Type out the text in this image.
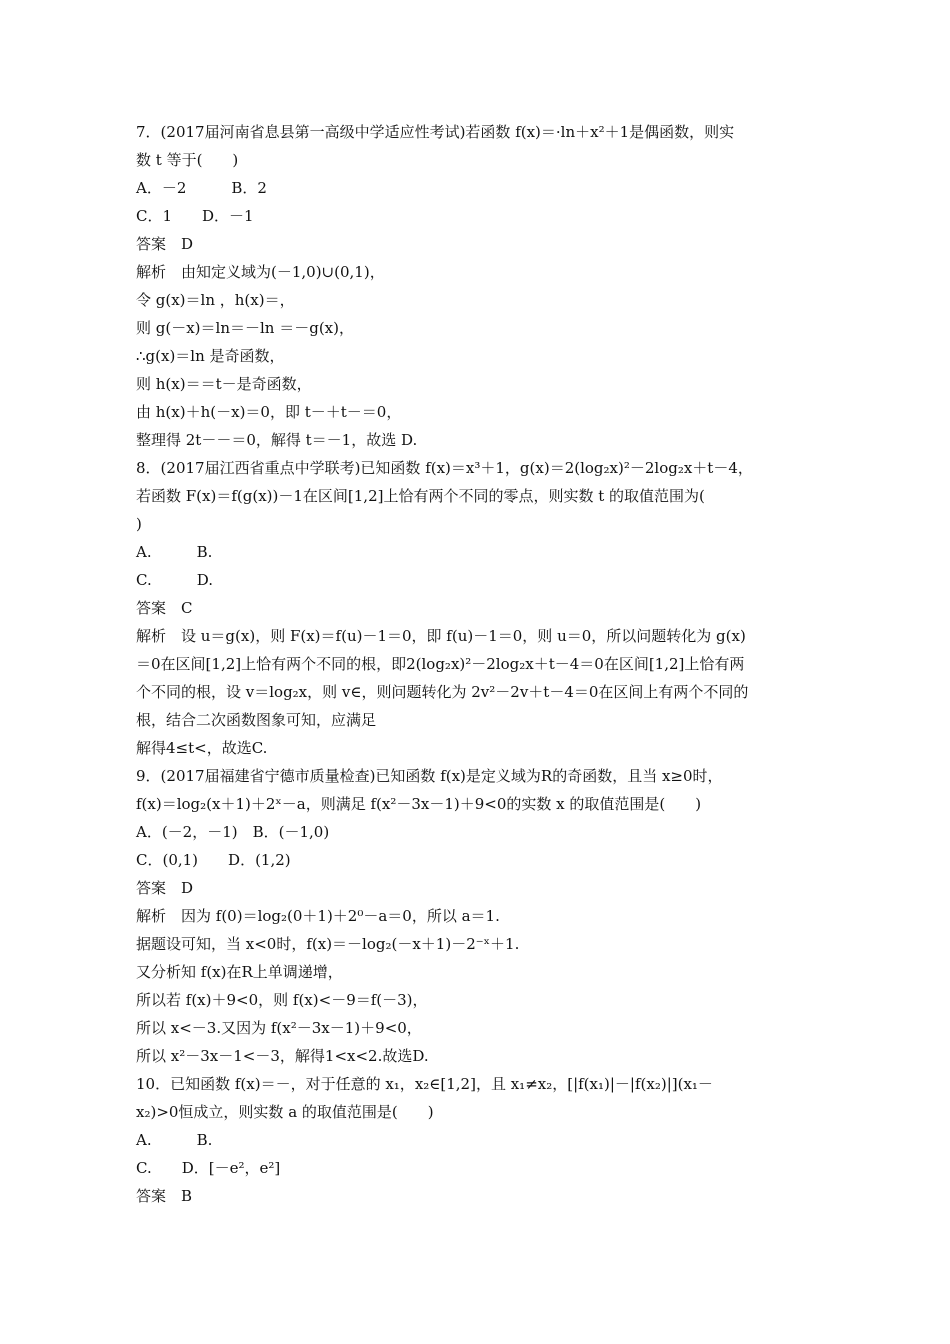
7．(2017届河南省息县第一高级中学适应性考试)若函数 f(x)＝·ln＋x²＋1是偶函数，则实
数 t 等于(　　)
A．－2　　　B．2
C．1　　D．－1
答案　D
解析　由知定义域为(－1,0)∪(0,1)，
令 g(x)＝ln ，h(x)＝，
则 g(－x)＝ln＝－ln ＝－g(x)，
∴g(x)＝ln 是奇函数，
则 h(x)＝＝t－是奇函数，
由 h(x)＋h(－x)＝0，即 t－＋t－＝0，
整理得 2t－－＝0，解得 t＝－1，故选 D.
8．(2017届江西省重点中学联考)已知函数 f(x)＝x³＋1，g(x)＝2(log₂x)²－2log₂x＋t－4，
若函数 F(x)＝f(g(x))－1在区间[1,2]上恰有两个不同的零点，则实数 t 的取值范围为(
)
A.　　　B.
C.　　　D.
答案　C
解析　设 u＝g(x)，则 F(x)＝f(u)－1＝0，即 f(u)－1＝0，则 u＝0，所以问题转化为 g(x)
＝0在区间[1,2]上恰有两个不同的根，即2(log₂x)²－2log₂x＋t－4＝0在区间[1,2]上恰有两
个不同的根，设 v＝log₂x，则 v∈，则问题转化为 2v²－2v＋t－4＝0在区间上有两个不同的
根，结合二次函数图象可知，应满足
解得4≤t<，故选C.
9．(2017届福建省宁德市质量检查)已知函数 f(x)是定义域为R的奇函数，且当 x≥0时，
f(x)＝log₂(x＋1)＋2ˣ－a，则满足 f(x²－3x－1)＋9<0的实数 x 的取值范围是(　　)
A．(－2，－1)　B．(－1,0)
C．(0,1)　　D．(1,2)
答案　D
解析　因为 f(0)＝log₂(0＋1)＋2⁰－a＝0，所以 a＝1.
据题设可知，当 x<0时，f(x)＝－log₂(－x＋1)－2⁻ˣ＋1.
又分析知 f(x)在R上单调递增，
所以若 f(x)＋9<0，则 f(x)<－9＝f(－3)，
所以 x<－3.又因为 f(x²－3x－1)＋9<0，
所以 x²－3x－1<－3，解得1<x<2.故选D.
10．已知函数 f(x)＝－，对于任意的 x₁，x₂∈[1,2]，且 x₁≠x₂，[|f(x₁)|－|f(x₂)|](x₁－
x₂)>0恒成立，则实数 a 的取值范围是(　　)
A.　　　B.
C.　　D．[－e²，e²]
答案　B
